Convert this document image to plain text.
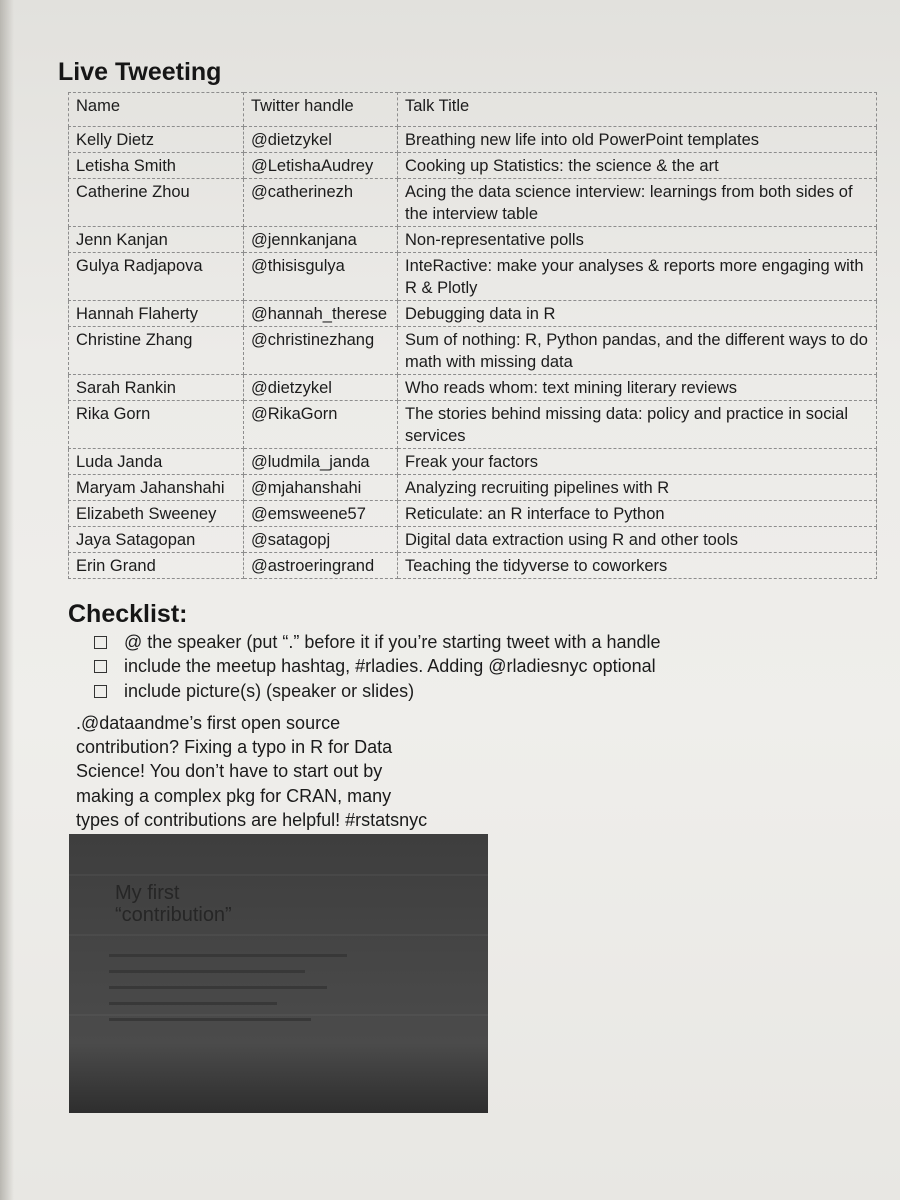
Live Tweeting
Name	Twitter handle	Talk Title
Kelly Dietz	@dietzykel	Breathing new life into old PowerPoint templates
Letisha Smith	@LetishaAudrey	Cooking up Statistics: the science & the art
Catherine Zhou	@catherinezh	Acing the data science interview: learnings from both sides of the interview table
Jenn Kanjan	@jennkanjana	Non-representative polls
Gulya Radjapova	@thisisgulya	InteRactive: make your analyses & reports more engaging with R & Plotly
Hannah Flaherty	@hannah_therese	Debugging data in R
Christine Zhang	@christinezhang	Sum of nothing: R, Python pandas, and the different ways to do math with missing data
Sarah Rankin	@dietzykel	Who reads whom: text mining literary reviews
Rika Gorn	@RikaGorn	The stories behind missing data: policy and practice in social services
Luda Janda	@ludmila_janda	Freak your factors
Maryam Jahanshahi	@mjahanshahi	Analyzing recruiting pipelines with R
Elizabeth Sweeney	@emsweene57	Reticulate: an R interface to Python
Jaya Satagopan	@satagopj	Digital data extraction using R and other tools
Erin Grand	@astroeringrand	Teaching the tidyverse to coworkers
Checklist:
@ the speaker (put “.” before it if you’re starting tweet with a handle
include the meetup hashtag, #rladies. Adding @rladiesnyc optional
include picture(s) (speaker or slides)
.@dataandme’s first open source
contribution? Fixing a typo in R for Data
Science! You don’t have to start out by
making a complex pkg for CRAN, many
types of contributions are helpful! #rstatsnyc
My first
“contribution”
